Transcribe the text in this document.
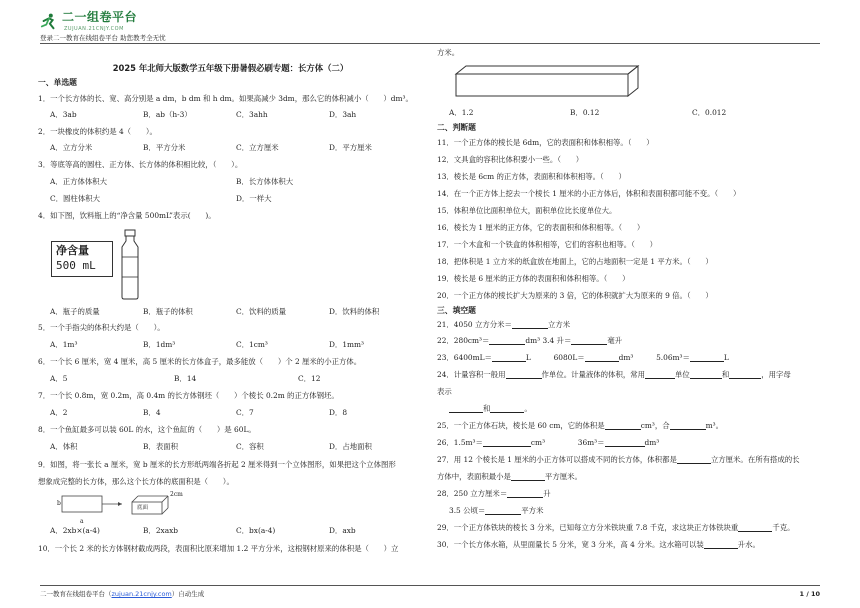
二一组卷平台
ZUJUAN.21CNJY.COM
登录二一教育在线组卷平台 助您教考全无忧
2025 年北师大版数学五年级下册暑假必刷专题：长方体（二）
一、单选题
1．一个长方体的长、宽、高分别是 a dm，b dm 和 h dm。如果高减少 3dm，那么它的体积减小（　　）dm³。
A．3ab	B．ab（h-3）	C．3ahh	D．3ah
2．一块橡皮的体积约是 4（　　）。
A．立方分米	B．平方分米	C．立方厘米	D．平方厘米
3．等底等高的圆柱、正方体、长方体的体积相比较，（　　）。
A．正方体体积大	B．长方体体积大
C．圆柱体积大	D．一样大
4．如下图，饮料瓶上的“净含量 500mL”表示(　　)。
净含量
500 mL
A．瓶子的质量	B．瓶子的体积	C．饮料的质量	D．饮料的体积
5．一个手指尖的体积大约是（　　）。
A．1m³	B．1dm³	C．1cm³	D．1mm³
6．一个长 6 厘米，宽 4 厘米，高 5 厘米的长方体盒子，最多能放（　　）个 2 厘米的小正方体。
A．5	B．14	C．12
7．一个长 0.8m，宽 0.2m，高 0.4m 的长方体钢坯（　　）个棱长 0.2m 的正方体钢坯。
A．2	B．4	C．7	D．8
8．一个鱼缸最多可以装 60L 的水，这个鱼缸的（　　）是 60L。
A．体积	B．表面积	C．容积	D．占地面积
9．如图，将一张长 a 厘米，宽 b 厘米的长方形纸两端各折起 2 厘米得到一个立体图形，如果把这个立体图形
想象成完整的长方体，那么这个长方体的底面积是（　　）。
a
b
底面
2cm
A．2xb×(a-4)	B．2xaxb	C．bx(a-4)	D．axb
10．一个长 2 米的长方体钢材截成两段，表面积比原来增加 1.2 平方分米，这根钢材原来的体积是（　　）立
方米。
A．1.2	B．0.12	C．0.012
二、判断题
11．一个正方体的棱长是 6dm，它的表面积和体积相等。（　　）
12．文具盒的容积比体积要小一些。（　　）
13．棱长是 6cm 的正方体，表面积和体积相等。（　　）
14．在一个正方体上挖去一个棱长 1 厘米的小正方体后，体积和表面积都可能不变。（　　）
15．体积单位比面积单位大，面积单位比长度单位大。
16．棱长为 1 厘米的正方体，它的表面积和体积相等。（　　）
17．一个木盒和一个铁盒的体积相等，它们的容积也相等。（　　）
18．把体积是 1 立方米的纸盒放在地面上，它的占地面积一定是 1 平方米。（　　）
19．棱长是 6 厘米的正方体的表面积和体积相等。（　　）
20．一个正方体的棱长扩大为原来的 3 倍，它的体积就扩大为原来的 9 倍。（　　）
三、填空题
21．4050 立方分米＝	立方米
22．280cm³＝	dm³ 3.4 升＝	毫升
23．6400mL＝	L	6080L＝	dm³	5.06m³＝	L
24．计量容积一般用	作单位。计量液体的体积，常用	单位	和	，用字母
表示
和	。
25．一个正方体石块，棱长是 60 cm，它的体积是	cm³，合	m³。
26．1.5m³＝	cm³	36m³＝	dm³
27．用 12 个棱长是 1 厘米的小正方体可以搭成不同的长方体，体积都是	立方厘米。在所有搭成的长
方体中，表面积最小是	平方厘米。
28．250 立方厘米＝	升
3.5 公顷＝	平方米
29．一个正方体铁块的棱长 3 分米，已知每立方分米铁块重 7.8 千克，求这块正方体铁块重	千克。
30．一个长方体水箱，从里面量长 5 分米，宽 3 分米，高 4 分米。这水箱可以装	升水。
二一教育在线组卷平台（zujuan.21cnjy.com）自动生成	1 / 10
